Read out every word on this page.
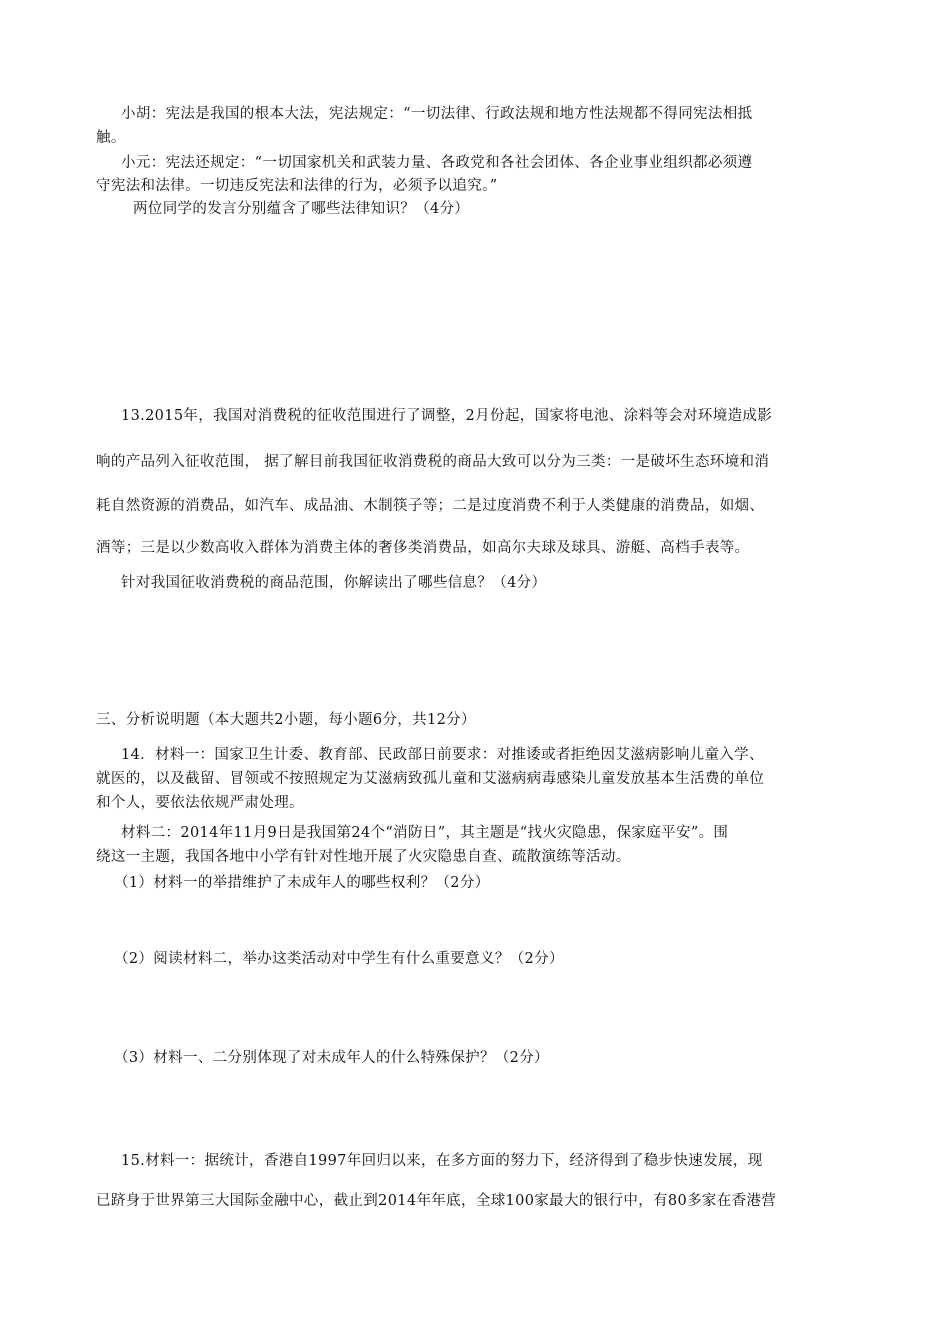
小胡：宪法是我国的根本大法，宪法规定：“一切法律、行政法规和地方性法规都不得同宪法相抵
触。
小元：宪法还规定：“一切国家机关和武装力量、各政党和各社会团体、各企业事业组织都必须遵
守宪法和法律。一切违反宪法和法律的行为，必须予以追究。”
两位同学的发言分别蕴含了哪些法律知识？（4分）
13.2015年，我国对消费税的征收范围进行了调整，2月份起，国家将电池、涂料等会对环境造成影
响的产品列入征收范围， 据了解目前我国征收消费税的商品大致可以分为三类：一是破坏生态环境和消
耗自然资源的消费品，如汽车、成品油、木制筷子等；二是过度消费不利于人类健康的消费品，如烟、
酒等；三是以少数高收入群体为消费主体的奢侈类消费品，如高尔夫球及球具、游艇、高档手表等。
针对我国征收消费税的商品范围，你解读出了哪些信息？（4分）
三、分析说明题（本大题共2小题，每小题6分，共12分）
14．材料一：国家卫生计委、教育部、民政部日前要求：对推诿或者拒绝因艾滋病影响儿童入学、
就医的，以及截留、冒领或不按照规定为艾滋病致孤儿童和艾滋病病毒感染儿童发放基本生活费的单位
和个人，要依法依规严肃处理。
材料二：2014年11月9日是我国第24个“消防日”，其主题是“找火灾隐患，保家庭平安”。围
绕这一主题，我国各地中小学有针对性地开展了火灾隐患自查、疏散演练等活动。
（1）材料一的举措维护了未成年人的哪些权利？（2分）
（2）阅读材料二，举办这类活动对中学生有什么重要意义？（2分）
（3）材料一、二分别体现了对未成年人的什么特殊保护？（2分）
15.材料一：据统计，香港自1997年回归以来，在多方面的努力下，经济得到了稳步快速发展，现
已跻身于世界第三大国际金融中心，截止到2014年年底，全球100家最大的银行中，有80多家在香港营
